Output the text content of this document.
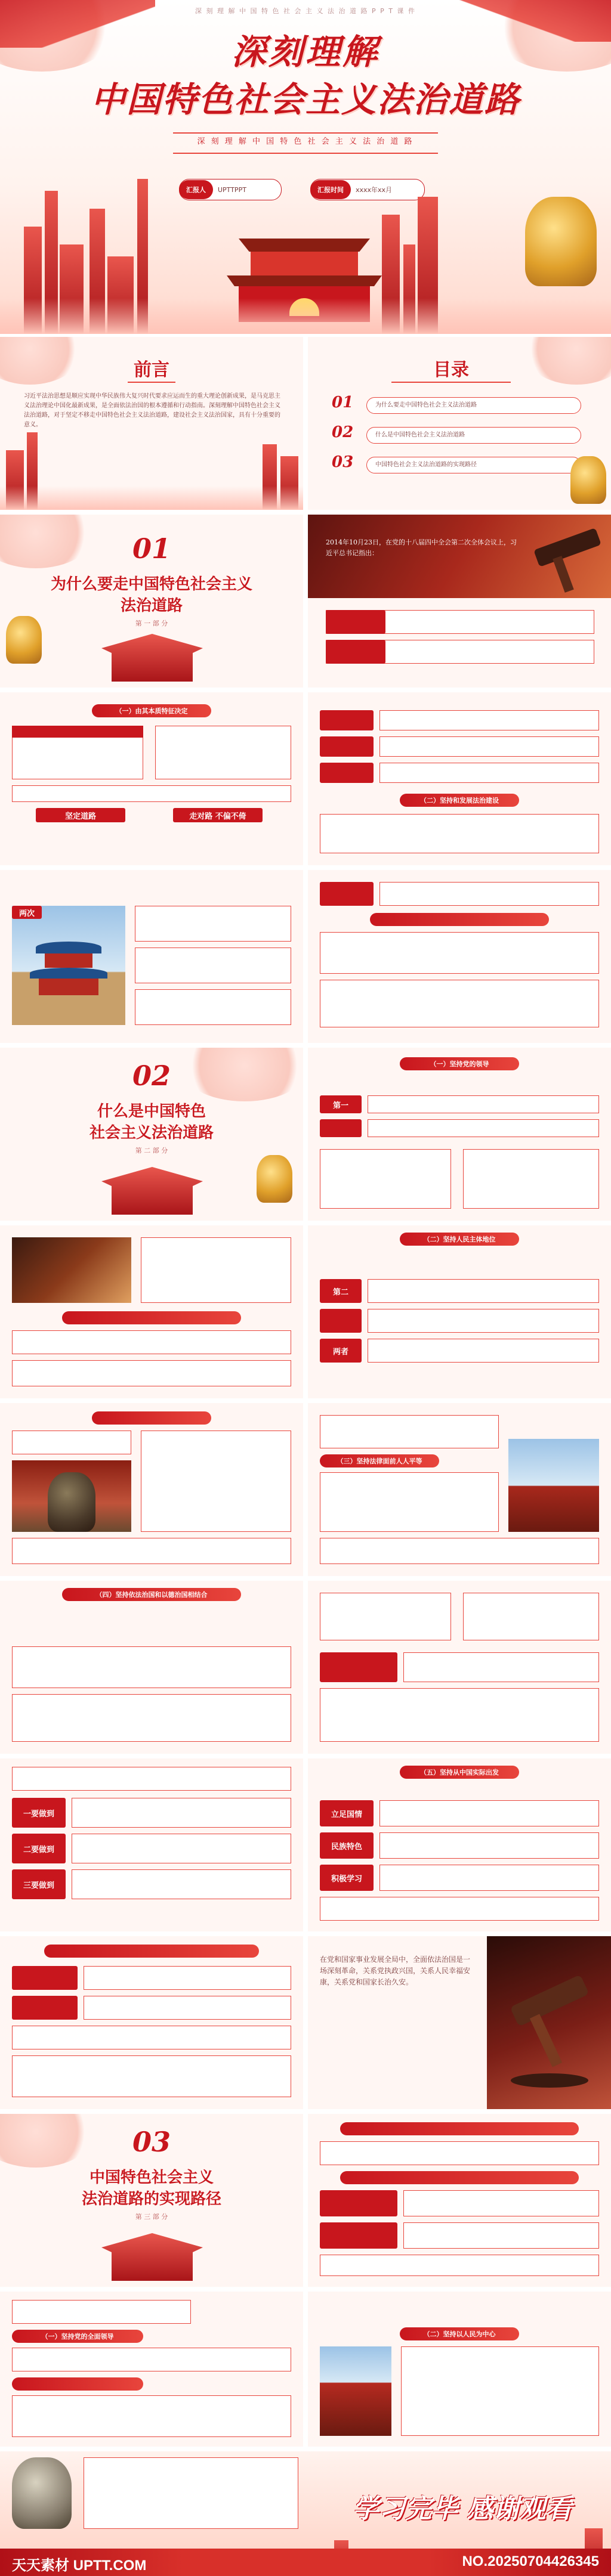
深 刻 理 解 中 国 特 色 社 会 主 义 法 治 道 路 P P T 课 件
深刻理解
中国特色社会主义法治道路
深 刻 理 解 中 国 特 色 社 会 主 义 法 治 道 路
汇报人	UPTTPPT	汇报时间	xxxx年xx月
前言
习近平法治思想是顺应实现中华民族伟大复兴时代要求应运而生的重大理论创新成果，是马克思主义法治理论中国化最新成果，是全面依法治国的根本遵循和行动指南。深刻理解中国特色社会主义法治道路，对于坚定不移走中国特色社会主义法治道路，建设社会主义法治国家，具有十分重要的意义。
目录
01	为什么要走中国特色社会主义法治道路
02	什么是中国特色社会主义法治道路
03	中国特色社会主义法治道路的实现路径
01
为什么要走中国特色社会主义
法治道路
第 一 部 分
2014年10月23日，在党的十八届四中全会第二次全体会议上，习近平总书记指出：
（一）由其本质特征决定
坚定道路	走对路 不偏不倚
（二）坚持和发展法治建设
两次
02
什么是中国特色
社会主义法治道路
第 二 部 分
（一）坚持党的领导
第一
（二）坚持人民主体地位
第二
两者
（三）坚持法律面前人人平等
（四）坚持依法治国和以德治国相结合
一要做到
二要做到
三要做到
（五）坚持从中国实际出发
立足国情
民族特色
积极学习
在党和国家事业发展全局中，全面依法治国是一场深刻革命，关系党执政兴国，关系人民幸福安康，关系党和国家长治久安。
03
中国特色社会主义
法治道路的实现路径
第 三 部 分
（一）坚持党的全面领导	（二）坚持以人民为中心
学习完毕 感谢观看
天天素材 UPTT.COM	NO.20250704426345
